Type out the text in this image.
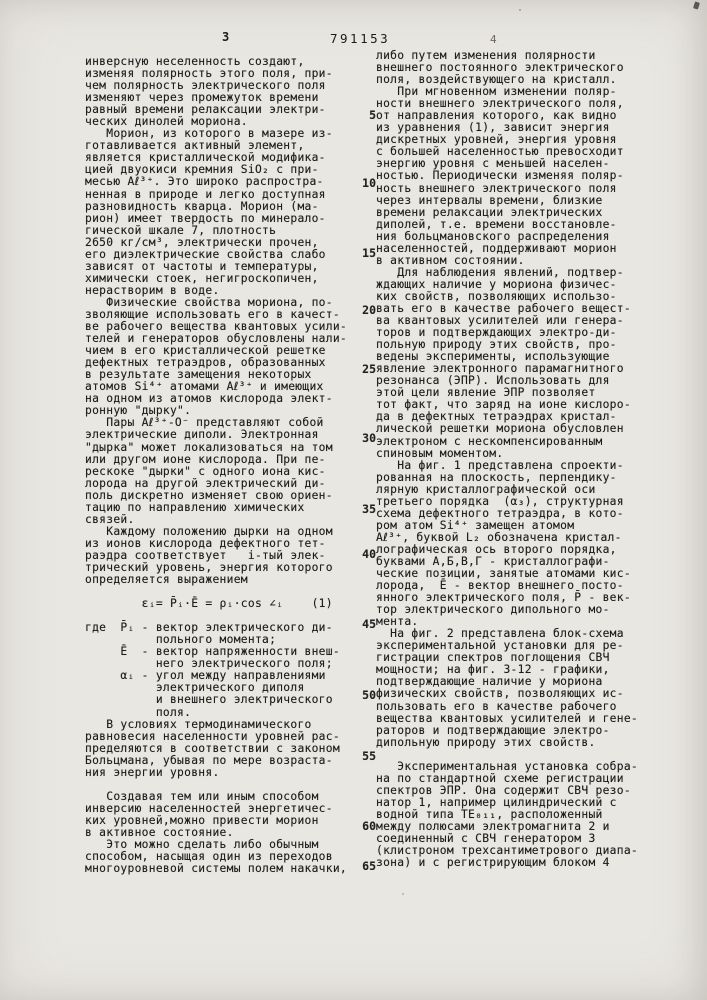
3	791153	4
инверсную неселенность создают,
изменяя полярность этого поля, при-
чем полярность электрического поля
изменяют через промежуток времени
равный времени релаксации электри-
ческих динолей мориона.
Морион, из которого в мазере из-
готавливается активный элемент,
является кристаллической модифика-
цией двуокиси кремния SiO₂ с при-
месью Аℓ³⁺. Это широко распростра-
ненная в природе и легко доступная
разновидность кварца. Морион (ма-
рион) имеет твердость по минерало-
гической шкале 7, плотность
2650 кг/см³, электрически прочен,
его диэлектрические свойства слабо
зависят от частоты и температуры,
химически стоек, негигроскопичен,
нерастворим в воде.
Физические свойства мориона, по-
зволяющие использовать его в качест-
ве рабочего вещества квантовых усили-
телей и генераторов обусловлены нали-
чием в его кристаллической решетке
дефектных тетраэдров, образованных
в результате замещения некоторых
атомов Si⁴⁺ атомами Аℓ³⁺ и имеющих
на одном из атомов кислорода элект-
ронную "дырку".
Пары Аℓ³⁺-О⁻ представляют собой
электрические диполи. Электронная
"дырка" может локализоваться на том
или другом ионе кислорода. При пе-
рескоке "дырки" с одного иона кис-
лорода на другой электрический ди-
поль дискретно изменяет свою ориен-
тацию по направлению химических
связей.
Каждому положению дырки на одном
из ионов кислорода дефектного тет-
раэдра соответствует   i-тый элек-
трический уровень, энергия которого
определяется выражением

εᵢ= P̄ᵢ·Ē = ρᵢ·cos ∠ᵢ    (1)

где  P̄ᵢ - вектор электрического ди-
польного момента;
Ē  - вектор напряженности внеш-
него электрического поля;
αᵢ - угол между направлениями
электрического диполя
и внешнего электрического
поля.
В условиях термодинамического
равновесия населенности уровней рас-
пределяются в соответствии с законом
Больцмана, убывая по мере возраста-
ния энергии уровня.

Создавая тем или иным способом
инверсию населенностей энергетичес-
ких уровней,можно привести морион
в активное состояние.
Это можно сделать либо обычным
способом, насыщая один из переходов
многоуровневой системы полем накачки,
либо путем изменения полярности
внешнего постоянного электрического
поля, воздействующего на кристалл.
При мгновенном изменении поляр-
ности внешнего электрического поля,
от направления которого, как видно
из уравнения (1), зависит энергия
дискретных уровней, энергия уровня
с большей населенностью превосходит
энергию уровня с меньшей населен-
ностью. Периодически изменяя поляр-
ность внешнего электрического поля
через интервалы времени, близкие
времени релаксации электрических
диполей, т.е. времени восстановле-
ния больцмановского распределения
населенностей, поддерживают морион
в активном состоянии.
Для наблюдения явлений, подтвер-
ждающих наличие у мориона физичес-
ких свойств, позволяющих использо-
вать его в качестве рабочего вещест-
ва квантовых усилителей или генера-
торов и подтверждающих электро-ди-
польную природу этих свойств, про-
ведены эксперименты, использующие
явление электронного парамагнитного
резонанса (ЭПР). Использовать для
этой цели явление ЭПР позволяет
тот факт, что заряд на ионе кислоро-
да в дефектных тетраэдрах кристал-
лической решетки мориона обусловлен
электроном с нескомпенсированным
спиновым моментом.
На фиг. 1 представлена спроекти-
рованная на плоскость, перпендику-
лярную кристаллографической оси
третьего порядка  (α₃), структурная
схема дефектного тетраэдра, в кото-
ром атом Si⁴⁺ замещен атомом
Аℓ³⁺, буквой L₂ обозначена кристал-
лографическая ось второго порядка,
буквами А,Б,В,Г - кристаллографи-
ческие позиции, занятые атомами кис-
лорода,  Ē - вектор внешнего посто-
янного электрического поля, P̄ - век-
тор электрического дипольного мо-
мента.
На фиг. 2 представлена блок-схема
экспериментальной установки для ре-
гистрации спектров поглощения СВЧ
мощности; на фиг. 3-12 - графики,
подтверждающие наличие у мориона
физических свойств, позволяющих ис-
пользовать его в качестве рабочего
вещества квантовых усилителей и гене-
раторов и подтверждающие электро-
дипольную природу этих свойств.

Экспериментальная установка собра-
на по стандартной схеме регистрации
спектров ЭПР. Она содержит СВЧ резо-
натор 1, например цилиндрический с
водной типа ТЕ₀₁₁, расположенный
между полюсами электромагнита 2 и
соединенный с СВЧ генератором 3
(клистроном трехсантиметрового диапа-
зона) и с регистрирующим блоком 4
5
10
15
20
25
30
35
40
45
50
55
60
65
